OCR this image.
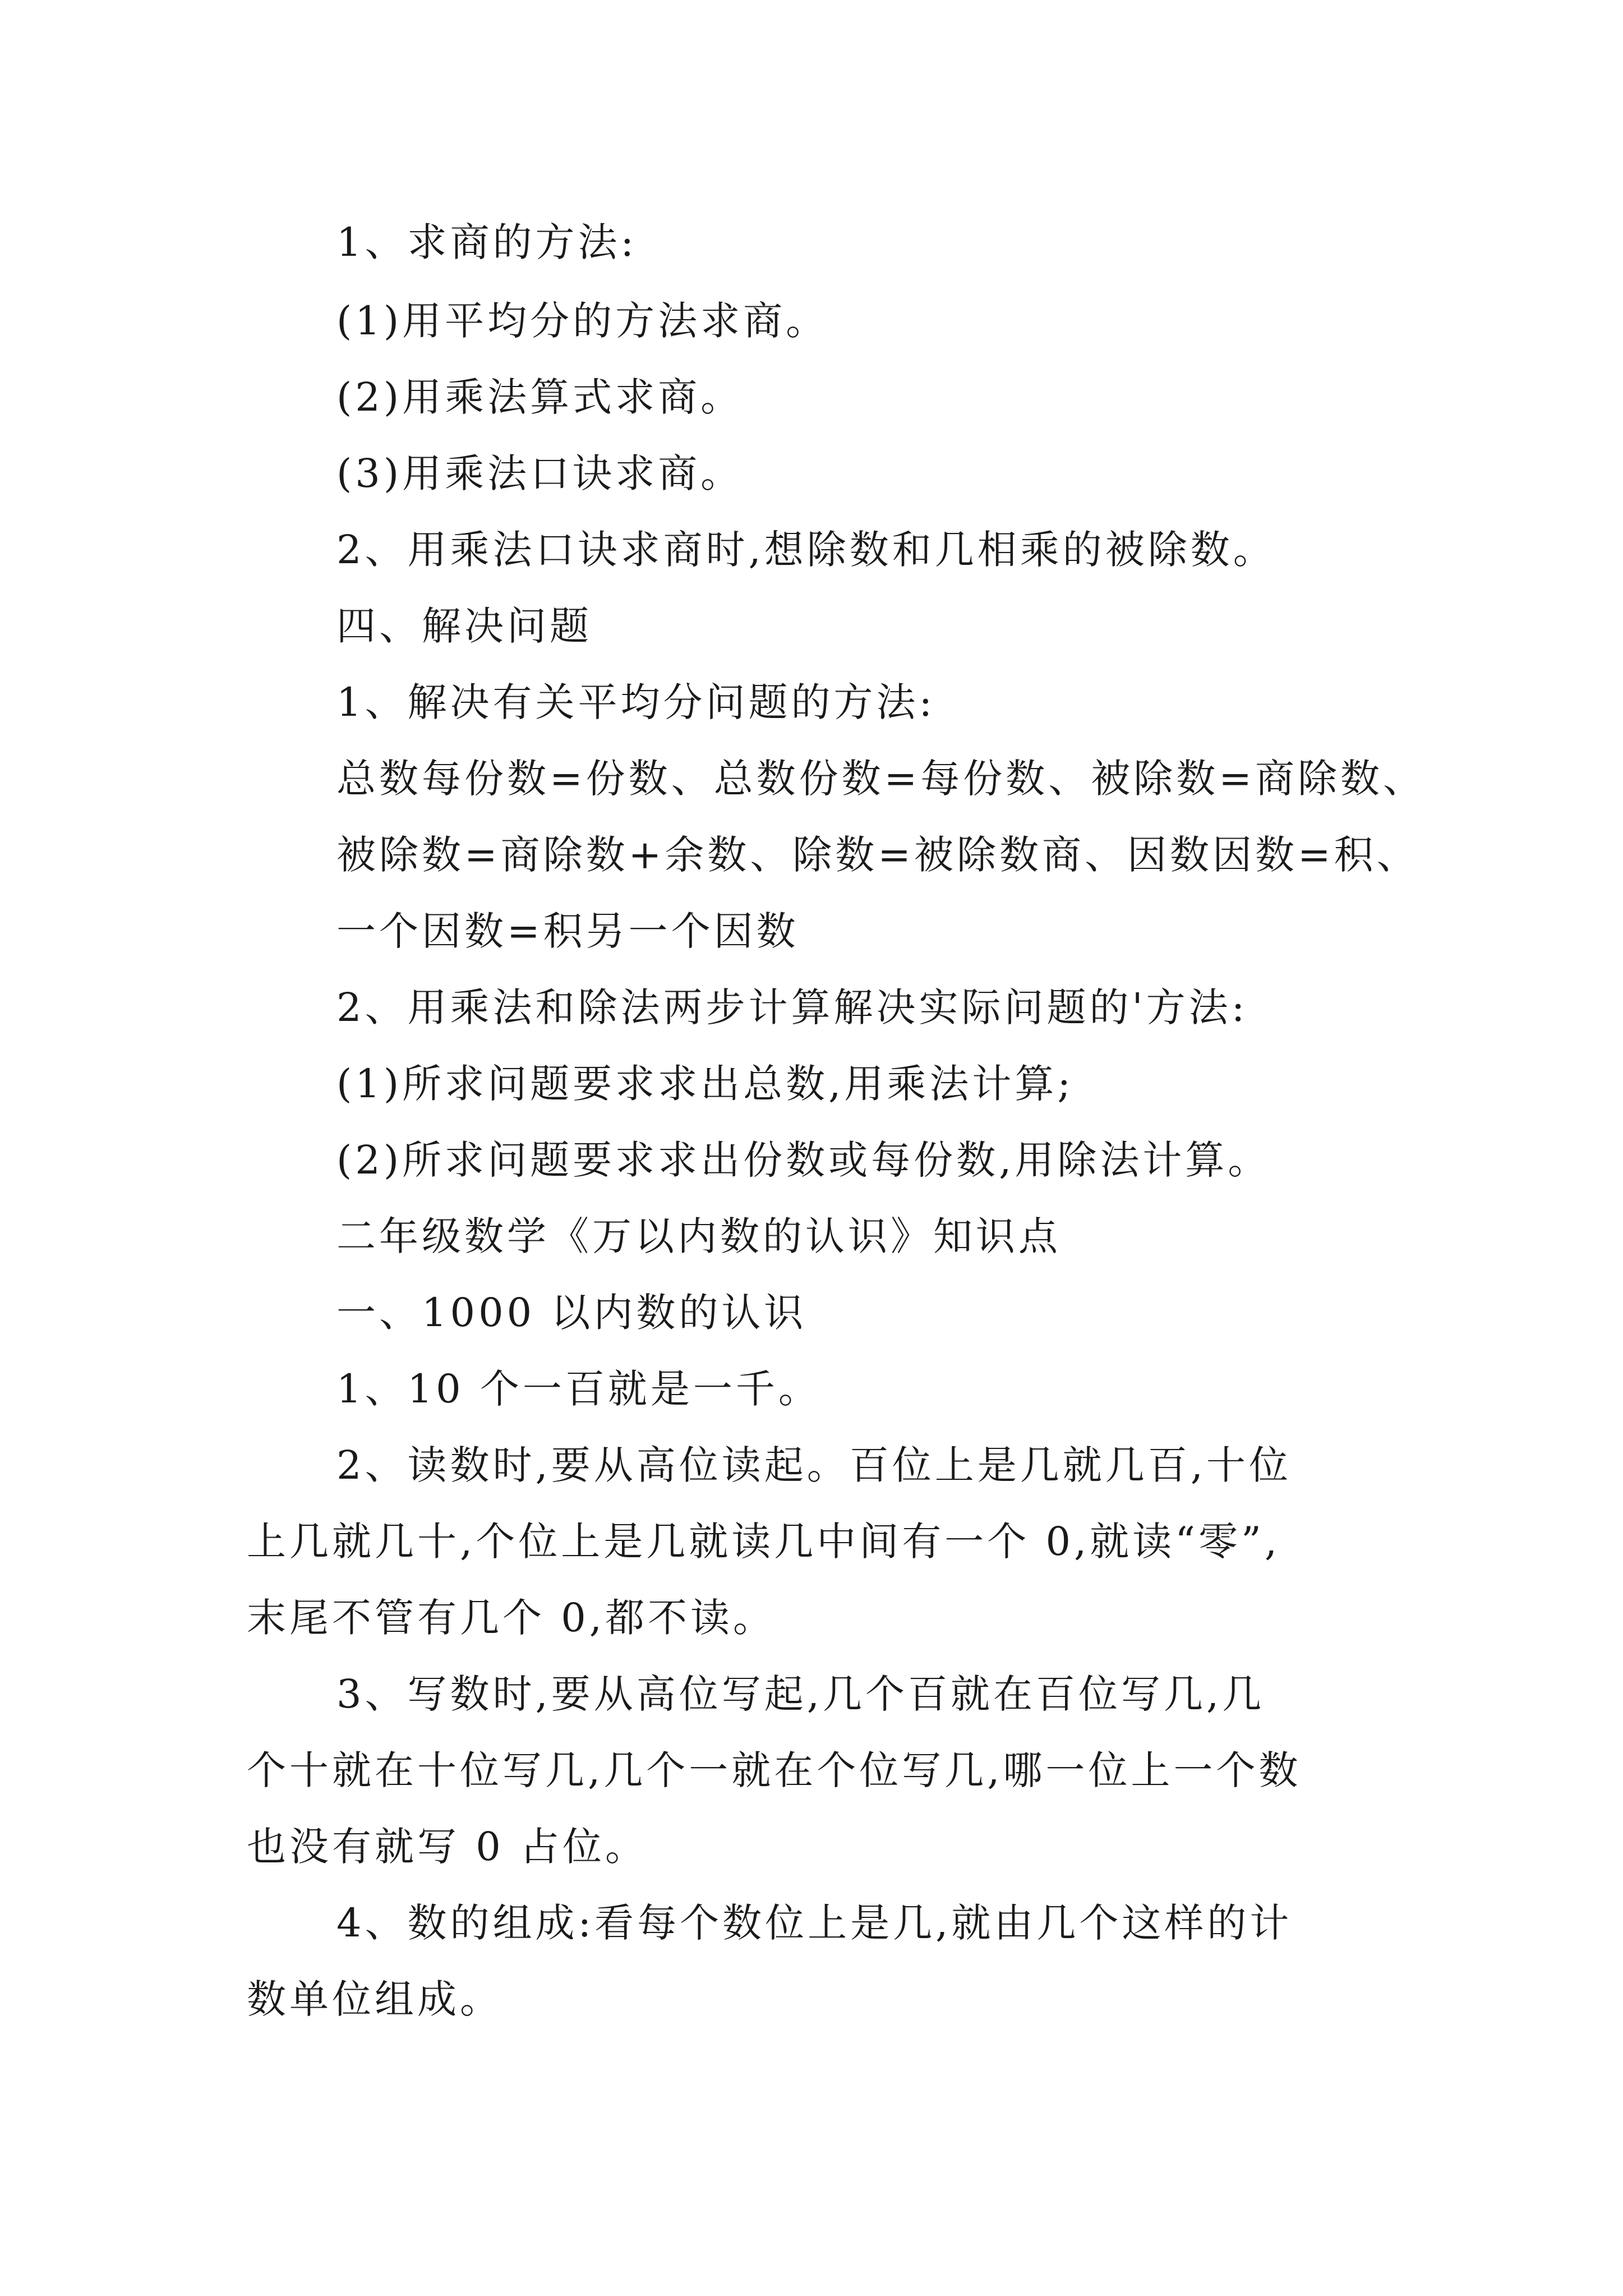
1、求商的方法:
(1)用平均分的方法求商。
(2)用乘法算式求商。
(3)用乘法口诀求商。
2、用乘法口诀求商时,想除数和几相乘的被除数。
四、解决问题
1、解决有关平均分问题的方法:
总数每份数=份数、总数份数=每份数、被除数=商除数、
被除数=商除数+余数、除数=被除数商、因数因数=积、
一个因数=积另一个因数
2、用乘法和除法两步计算解决实际问题的'方法:
(1)所求问题要求求出总数,用乘法计算;
(2)所求问题要求求出份数或每份数,用除法计算。
二年级数学《万以内数的认识》知识点
一、1000 以内数的认识
1、10 个一百就是一千。
2、读数时,要从高位读起。百位上是几就几百,十位
上几就几十,个位上是几就读几中间有一个 0,就读“零”,
末尾不管有几个 0,都不读。
3、写数时,要从高位写起,几个百就在百位写几,几
个十就在十位写几,几个一就在个位写几,哪一位上一个数
也没有就写 0 占位。
4、数的组成:看每个数位上是几,就由几个这样的计
数单位组成。
